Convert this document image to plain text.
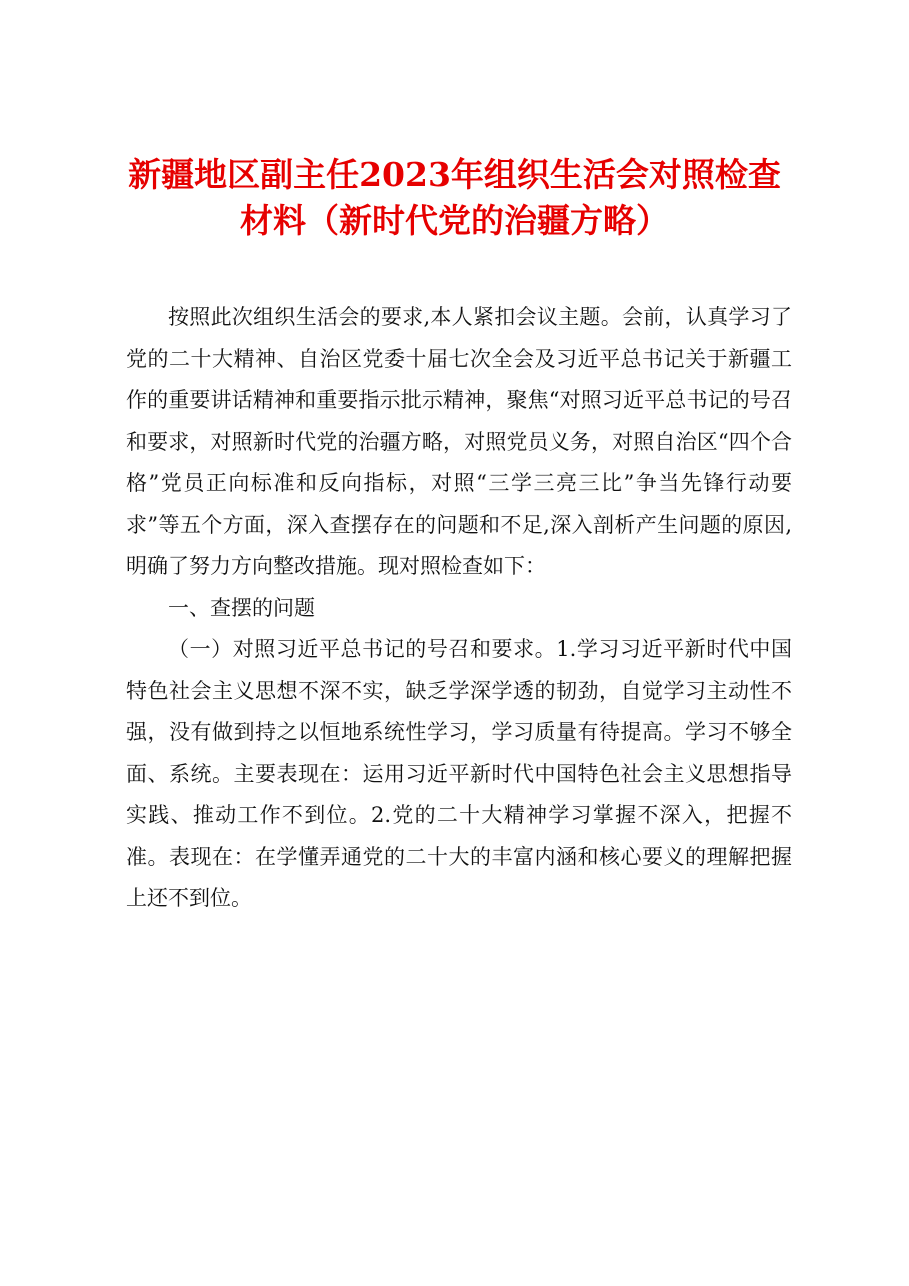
新疆地区副主任2023年组织生活会对照检查
材料（新时代党的治疆方略）

按照此次组织生活会的要求,本人紧扣会议主题。会前，认真学习了党的二十大精神、自治区党委十届七次全会及习近平总书记关于新疆工作的重要讲话精神和重要指示批示精神，聚焦“对照习近平总书记的号召和要求，对照新时代党的治疆方略，对照党员义务，对照自治区“四个合格”党员正向标准和反向指标，对照“三学三亮三比”争当先锋行动要求”等五个方面，深入查摆存在的问题和不足,深入剖析产生问题的原因,明确了努力方向整改措施。现对照检查如下：

一、查摆的问题

（一）对照习近平总书记的号召和要求。1.学习习近平新时代中国特色社会主义思想不深不实，缺乏学深学透的韧劲，自觉学习主动性不强，没有做到持之以恒地系统性学习，学习质量有待提高。学习不够全面、系统。主要表现在：运用习近平新时代中国特色社会主义思想指导实践、推动工作不到位。2.党的二十大精神学习掌握不深入，把握不准。表现在：在学懂弄通党的二十大的丰富内涵和核心要义的理解把握上还不到位。
